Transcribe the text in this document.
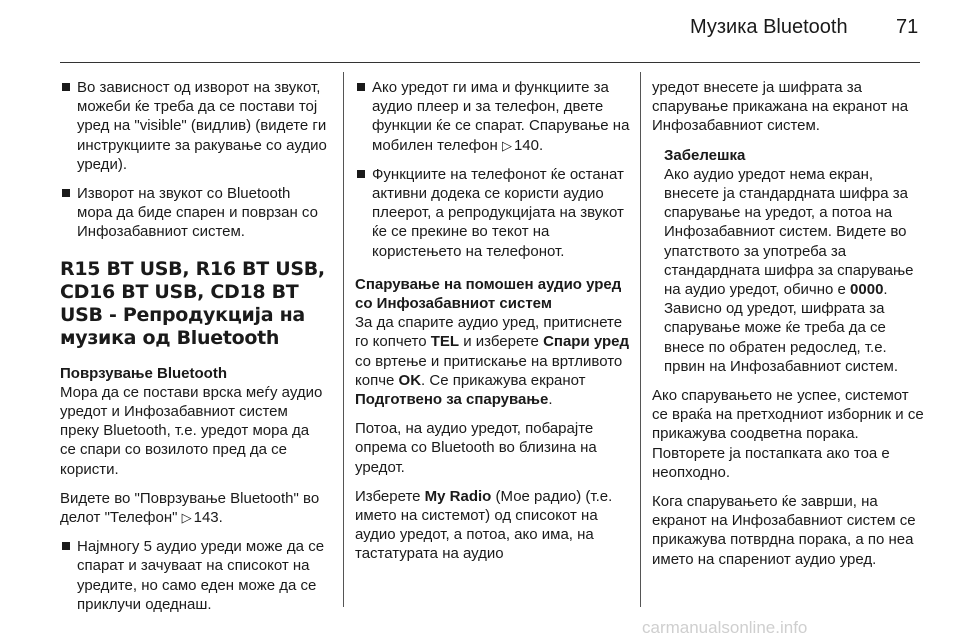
Музика Bluetooth 71
Во зависност од изворот на звукот, можеби ќе треба да се постави тој уред на "visible" (видлив) (видете ги инструкциите за ракување со аудио уреди).
Изворот на звукот со Bluetooth мора да биде спарен и поврзан со Инфозабавниот систем.
R15 BT USB, R16 BT USB, CD16 BT USB, CD18 BT USB - Репродукција на музика од Bluetooth
Поврзување Bluetooth

Мора да се постави врска меѓу аудио уредот и Инфозабавниот систем преку Bluetooth, т.е. уредот мора да се спари со возилото пред да се користи.

Видете во "Поврзување Bluetooth" во делот "Телефон" ▷ 143.

Најмногу 5 аудио уреди може да се спарат и зачуваат на списокот на уредите, но само еден може да се приклучи одеднаш.
Ако уредот ги има и функциите за аудио плеер и за телефон, двете функции ќе се спарат. Спарување на мобилен телефон ▷ 140.
Функциите на телефонот ќе останат активни додека се користи аудио плеерот, а репродукцијата на звукот ќе се прекине во текот на користењето на телефонот.
Спарување на помошен аудио уред со Инфозабавниот систем

За да спарите аудио уред, притиснете го копчето TEL и изберете Спари уред со вртење и притискање на вртливото копче OK. Се прикажува екранот Подготвено за спарување.

Потоа, на аудио уредот, побарајте опрема со Bluetooth во близина на уредот.

Изберете My Radio (Мое радио) (т.е. името на системот) од списокот на аудио уредот, а потоа, ако има, на тастатурата на аудио

уредот внесете ја шифрата за спарување прикажана на екранот на Инфозабавниот систем.

Забелешка
Ако аудио уредот нема екран, внесете ја стандардната шифра за спарување на уредот, а потоа на Инфозабавниот систем. Видете во упатството за употреба за стандардната шифра за спарување на аудио уредот, обично е 0000. Зависно од уредот, шифрата за спарување може ќе треба да се внесе по обратен редослед, т.е. првин на Инфозабавниот систем.

Ако спарувањето не успее, системот се враќа на претходниот изборник и се прикажува соодветна порака. Повторете ја постапката ако тоа е неопходно.

Кога спарувањето ќе заврши, на екранот на Инфозабавниот систем се прикажува потврдна порака, а по неа името на спарениот аудио уред.

carmanualsonline.info
